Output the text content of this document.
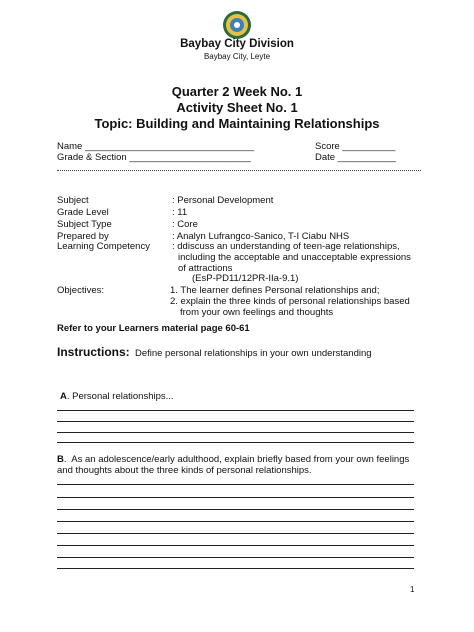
Baybay City Division
Baybay City, Leyte
Quarter 2 Week No. 1
Activity Sheet No. 1
Topic: Building and Maintaining Relationships
Name ________________________________	Score __________
Grade & Section _______________________	Date ___________
Subject	: Personal Development
Grade Level	: 11
Subject Type	: Core
Prepared by	: Analyn Lufrangco-Sanico, T-I Ciabu NHS
Learning Competency : ddiscuss an understanding of teen-age relationships,
including the acceptable and unacceptable expressions
of attractions
(EsP-PD11/12PR-IIa-9.1)
Objectives:	1. The learner defines Personal relationships and;
2. explain the three kinds of personal relationships based
from your own feelings and thoughts
Refer to your Learners material page 60-61
Instructions: Define personal relationships in your own understanding
A. Personal relationships...
B.  As an adolescence/early adulthood, explain briefly based from your own feelings
and thoughts about the three kinds of personal relationships.
1
